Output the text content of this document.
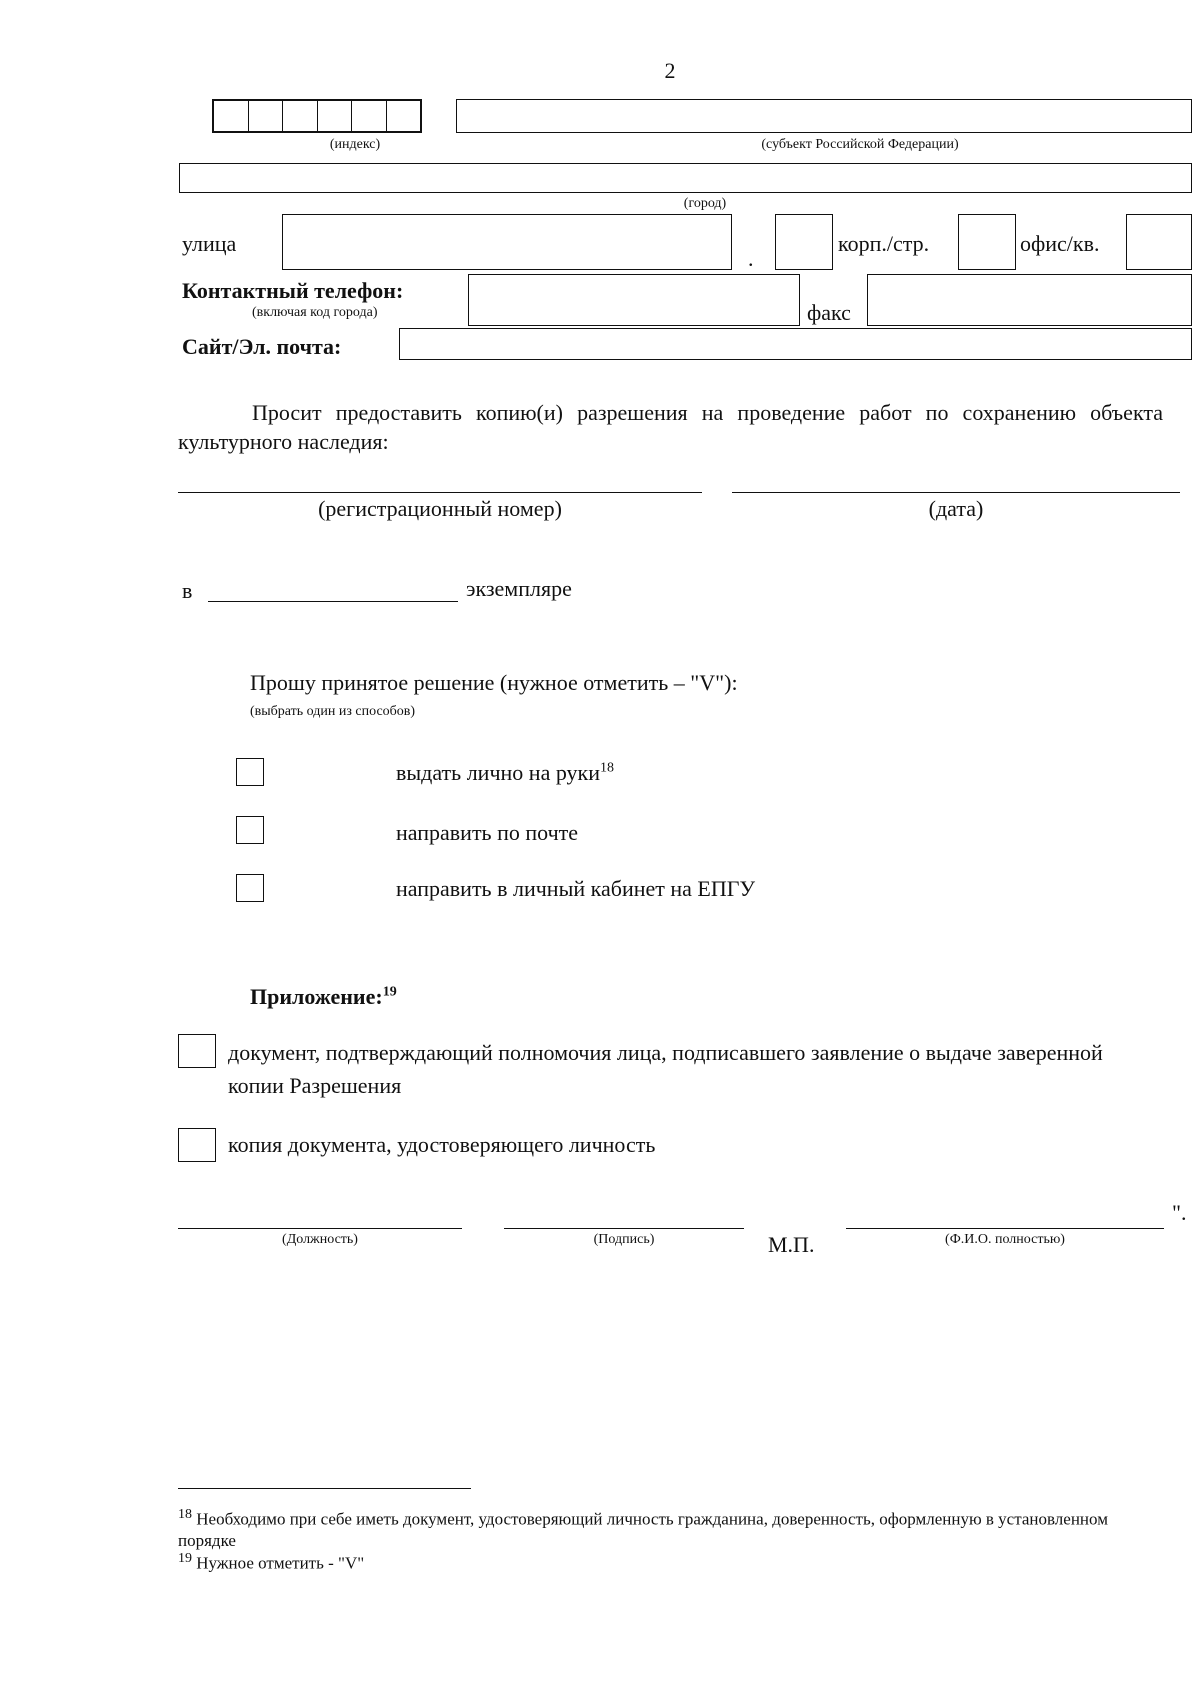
2
(индекс)	(субъект Российской Федерации)
(город)
улица
.
корп./стр.	офис/кв.
Контактный телефон:
(включая код города)	факс
Сайт/Эл. почта:
Просит предоставить копию(и) разрешения на проведение работ по сохранению объекта культурного наследия:
(регистрационный номер)	(дата)
в	экземпляре
Прошу принятое решение (нужное отметить – "V"):
(выбрать один из способов)
выдать лично на руки$^{18}$
направить по почте
направить в личный кабинет на ЕПГУ
Приложение:$^{19}$
документ, подтверждающий полномочия лица, подписавшего заявление о выдаче заверенной копии Разрешения
копия документа, удостоверяющего личность
".
(Должность)	(Подпись)	М.П.	(Ф.И.О. полностью)
$^{18}$ Необходимо при себе иметь документ, удостоверяющий личность гражданина, доверенность, оформленную в установленном порядке
$^{19}$ Нужное отметить - "V"
